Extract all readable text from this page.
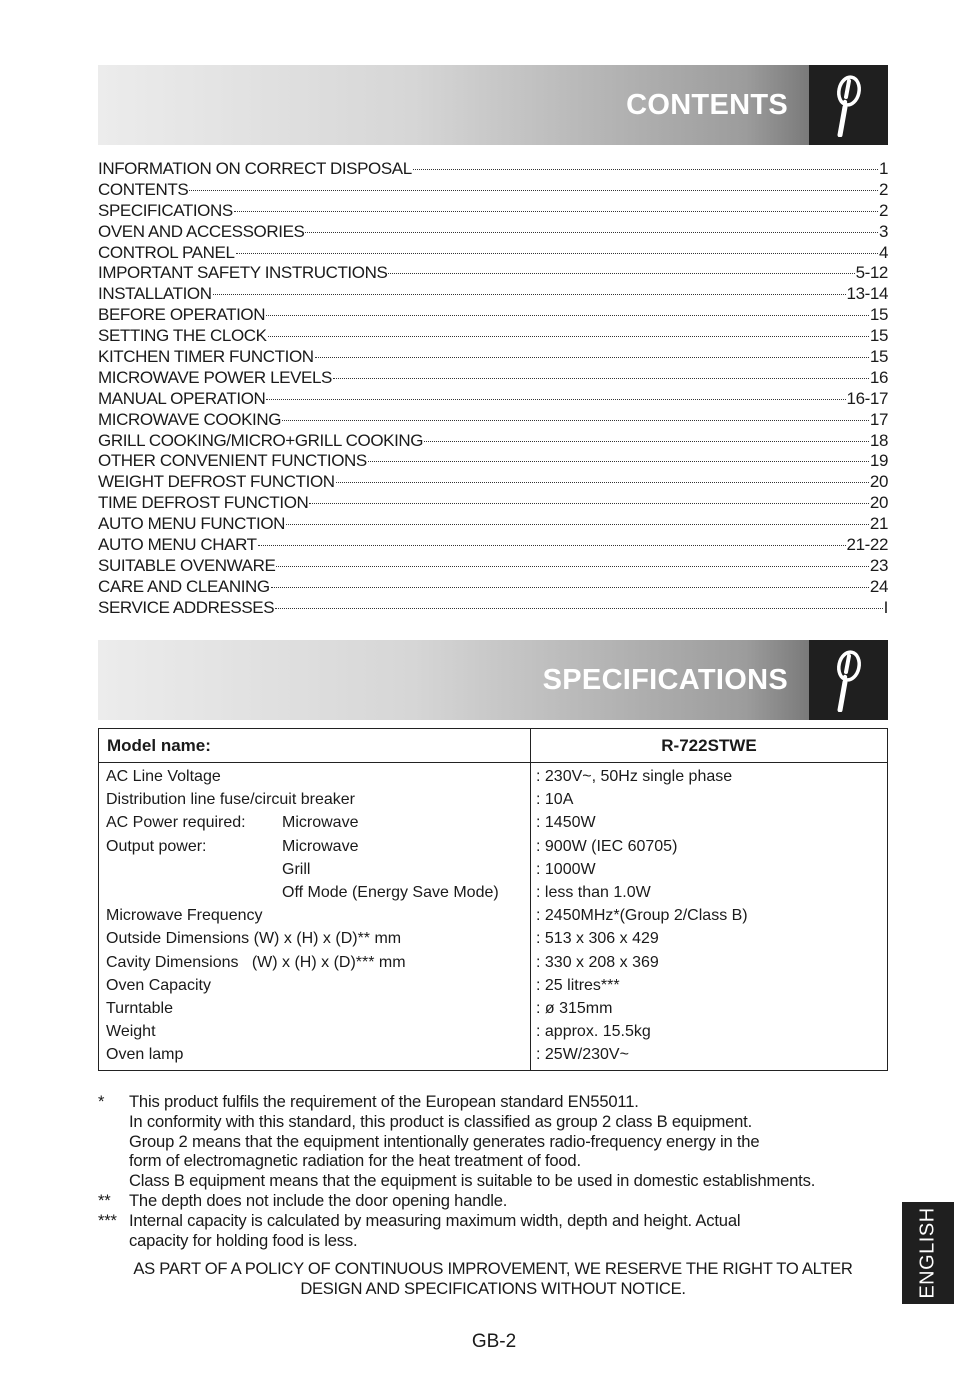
CONTENTS
INFORMATION ON CORRECT DISPOSAL	1
CONTENTS	2
SPECIFICATIONS	2
OVEN AND ACCESSORIES	3
CONTROL PANEL	4
IMPORTANT SAFETY INSTRUCTIONS	5-12
INSTALLATION	13-14
BEFORE OPERATION	15
SETTING THE CLOCK	15
KITCHEN TIMER FUNCTION	15
MICROWAVE POWER LEVELS	16
MANUAL OPERATION	16-17
MICROWAVE COOKING	17
GRILL COOKING/MICRO+GRILL COOKING	18
OTHER CONVENIENT FUNCTIONS	19
WEIGHT DEFROST FUNCTION	20
TIME DEFROST FUNCTION	20
AUTO MENU FUNCTION	21
AUTO MENU CHART	21-22
SUITABLE OVENWARE	23
CARE AND CLEANING	24
SERVICE ADDRESSES	I
SPECIFICATIONS
Model name:	R-722STWE
AC Line Voltage	: 230V~, 50Hz single phase
Distribution line fuse/circuit breaker	: 10A
AC Power required: Microwave	: 1450W
Output power:	Microwave	: 900W (IEC 60705)
Grill	: 1000W
Off Mode (Energy Save Mode) : less than 1.0W
Microwave Frequency	: 2450MHz*(Group 2/Class B)
Outside Dimensions (W) x (H) x (D)** mm	: 513 x 306 x 429
Cavity Dimensions   (W) x (H) x (D)*** mm	: 330 x 208 x 369
Oven Capacity	: 25 litres***
Turntable	: ø 315mm
Weight	: approx. 15.5kg
Oven lamp	: 25W/230V~
*	This product fulfils the requirement of the European standard EN55011.
In conformity with this standard, this product is classified as group 2 class B equipment.
Group 2 means that the equipment intentionally generates radio-frequency energy in the
form of electromagnetic radiation for the heat treatment of food.
Class B equipment means that the equipment is suitable to be used in domestic establishments.
**	The depth does not include the door opening handle.
*** Internal capacity is calculated by measuring maximum width, depth and height. Actual
capacity for holding food is less.
AS PART OF A POLICY OF CONTINUOUS IMPROVEMENT, WE RESERVE THE RIGHT TO ALTER
DESIGN AND SPECIFICATIONS WITHOUT NOTICE.
GB-2
ENGLISH
